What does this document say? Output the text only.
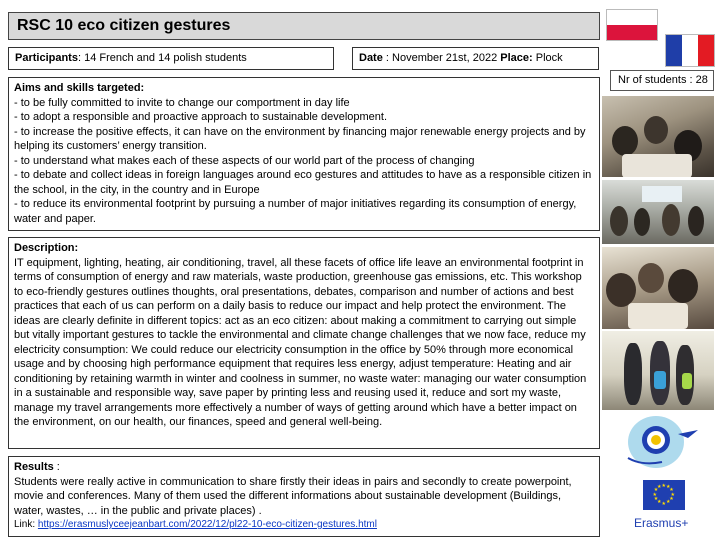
RSC 10 eco citizen gestures
Participants: 14 French and 14 polish students	Date : November 21st, 2022 Place: Plock
Aims and skills targeted:
- to be fully committed to invite to change our comportment in day life
- to adopt a responsible and proactive approach to sustainable development.
- to increase the positive effects, it can have on the environment by financing major renewable energy projects and by helping its customers’ energy transition.
- to understand what makes each of these aspects of our world part of the process of changing
- to debate and collect ideas in foreign languages around eco gestures and attitudes to have as a responsible citizen in the school, in the city, in the country and in Europe
- to reduce its environmental footprint by pursuing a number of major initiatives regarding its consumption of energy, water and paper.
Description:
IT equipment, lighting, heating, air conditioning, travel, all these facets of office life leave an environmental footprint in terms of consumption of energy and raw materials, waste production, greenhouse gas emissions, etc. This workshop to eco-friendly gestures outlines thoughts, oral presentations, debates, comparison and number of actions and best practices that each of us can perform on a daily basis to reduce our impact and help protect the environment. The ideas are clearly definite in different topics: act as an eco citizen: about making a commitment to carrying out simple but vitally important gestures to tackle the environmental and climate change challenges that we now face, reduce my electricity consumption: We could reduce our electricity consumption in the office by 50% through more economical usage and by choosing high performance equipment that requires less energy, adjust temperature: Heating and air conditioning by retaining warmth in winter and coolness in summer, no waste water: managing our water consumption in a sustainable and responsible way, save paper by printing less and reusing used it, reduce and sort my waste, manage my travel arrangements more effectively a number of ways of getting around which have a better impact on the environment, on our health, our finances, speed and general well-being.
Results :
Students were really active in communication to share firstly their ideas in pairs and secondly to create powerpoint, movie and conferences. Many of them used the different informations about sustainable development (Buildings, water, wastes, … in the public and private places) .
Link: https://erasmuslyceejeanbart.com/2022/12/pl22-10-eco-citizen-gestures.html
Nr of students : 28
★ ★
★
★
★
★
★
★
★
★
★
★
Erasmus+
